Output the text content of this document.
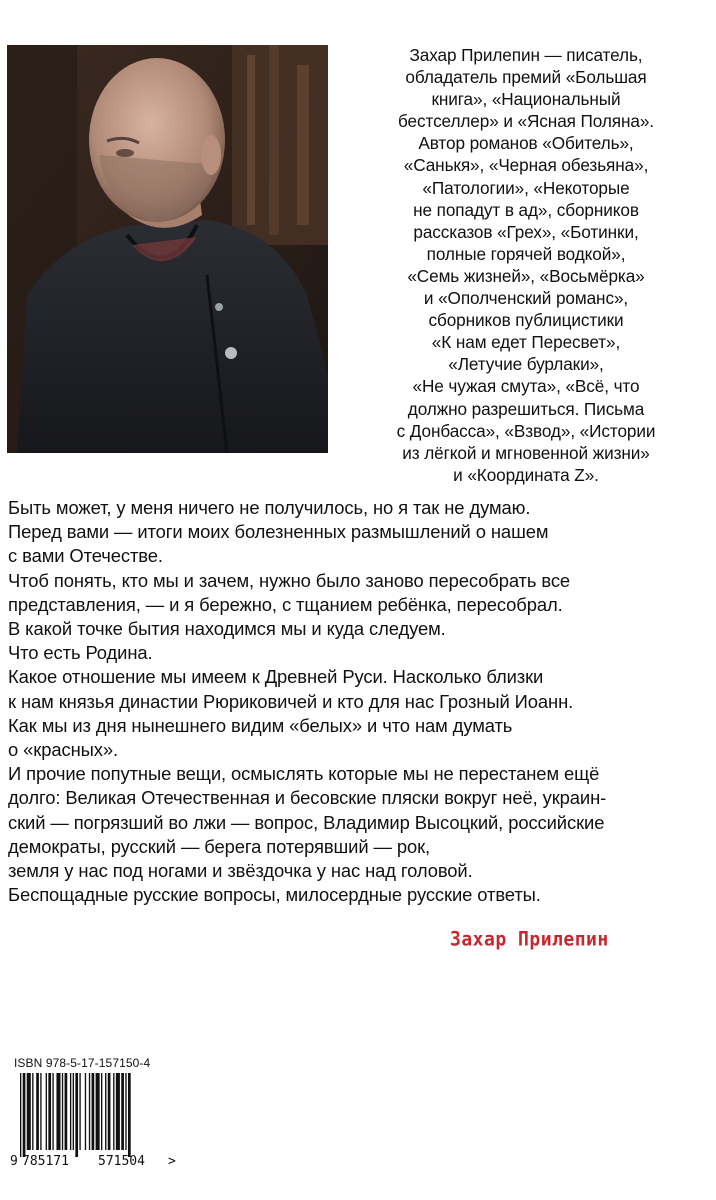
Захар Прилепин — писатель,
обладатель премий «Большая
книга», «Национальный
бестселлер» и «Ясная Поляна».
Автор романов «Обитель»,
«Санькя», «Черная обезьяна»,
«Патологии», «Некоторые
не попадут в ад», сборников
рассказов «Грех», «Ботинки,
полные горячей водкой»,
«Семь жизней», «Восьмёрка»
и «Ополченский романс»,
сборников публицистики
«К нам едет Пересвет»,
«Летучие бурлаки»,
«Не чужая смута», «Всё, что
должно разрешиться. Письма
с Донбасса», «Взвод», «Истории
из лёгкой и мгновенной жизни»
и «Координата Z».

Быть может, у меня ничего не получилось, но я так не думаю.

Перед вами — итоги моих болезненных размышлений о нашем
с вами Отечестве.

Чтоб понять, кто мы и зачем, нужно было заново пересобрать все
представления, — и я бережно, с тщанием ребёнка, пересобрал.

В какой точке бытия находимся мы и куда следуем.

Что есть Родина.

Какое отношение мы имеем к Древней Руси. Насколько близки
к нам князья династии Рюриковичей и кто для нас Грозный Иоанн.

Как мы из дня нынешнего видим «белых» и что нам думать
о «красных».

И прочие попутные вещи, осмыслять которые мы не перестанем ещё
долго: Великая Отечественная и бесовские пляски вокруг неё, украин-
ский — погрязший во лжи — вопрос, Владимир Высоцкий, российские
демократы, русский — берега потерявший — рок,
земля у нас под ногами и звёздочка у нас над головой.

Беспощадные русские вопросы, милосердные русские ответы.

Захар Прилепин
ISBN 978-5-17-157150-4
9 785171 571504 >
